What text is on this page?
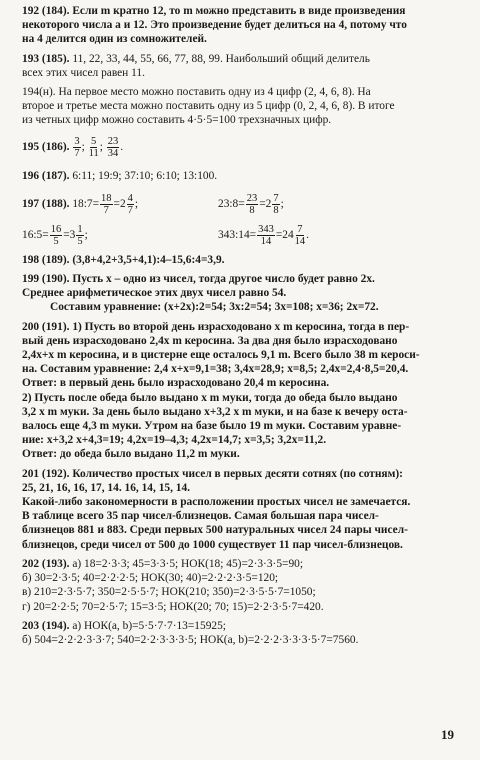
192 (184). Если m кратно 12, то m можно представить в виде произведения
некоторого числа a и 12. Это произведение будет делиться на 4, потому что
на 4 делится один из сомножителей.
193 (185). 11, 22, 33, 44, 55, 66, 77, 88, 99. Наибольший общий делитель
всех этих чисел равен 11.
194(н). На первое место можно поставить одну из 4 цифр (2, 4, 6, 8). На
второе и третье места можно поставить одну из 5 цифр (0, 2, 4, 6, 8). В итоге
из четных цифр можно составить 4·5·5=100 трехзначных цифр.
195 (186). $\frac{3}{7}$ ; $\frac{5}{11}$ ; $\frac{23}{34}$ .
196 (187). 6:11; 19:9; 37:10; 6:10; 13:100.
197 (188). 18:7= $\frac{18}{7} =2 \frac{4}{7}$ ;	23:8= $\frac{23}{8} =2 \frac{7}{8}$ ;
16:5= $\frac{16}{5} =3 \frac{1}{5}$ ;	343:14= $\frac{343}{14} =24 \frac{7}{14}$ .
198 (189). (3,8+4,2+3,5+4,1):4–15,6:4=3,9.
199 (190). Пусть x – одно из чисел, тогда другое число будет равно 2x.
Среднее арифметическое этих двух чисел равно 54.
Составим уравнение: (x+2x):2=54; 3x:2=54; 3x=108; x=36; 2x=72.
200 (191). 1) Пусть во второй день израсходовано x m керосина, тогда в пер-
вый день израсходовано 2,4x m керосина. За два дня было израсходовано
2,4x+x m керосина, и в цистерне еще осталось 9,1 m. Всего было 38 m кероси-
на. Составим уравнение: 2,4 x+x=9,1=38; 3,4x=28,9; x=8,5; 2,4x=2,4·8,5=20,4.
Ответ: в первый день было израсходовано 20,4 m керосина.
2) Пусть после обеда было выдано x m муки, тогда до обеда было выдано
3,2 x m муки. За день было выдано x+3,2 x m муки, и на базе к вечеру оста-
валось еще 4,3 m муки. Утром на базе было 19 m муки. Составим уравне-
ние: x+3,2 x+4,3=19; 4,2x=19–4,3; 4,2x=14,7; x=3,5; 3,2x=11,2.
Ответ: до обеда было выдано 11,2 m муки.
201 (192). Количество простых чисел в первых десяти сотнях (по сотням):
25, 21, 16, 16, 17, 14. 16, 14, 15, 14.
Какой-либо закономерности в расположении простых чисел не замечается.
В таблице всего 35 пар чисел-близнецов. Самая большая пара чисел-
близнецов 881 и 883. Среди первых 500 натуральных чисел 24 пары чисел-
близнецов, среди чисел от 500 до 1000 существует 11 пар чисел-близнецов.
202 (193). а) 18=2·3·3; 45=3·3·5; НОК(18; 45)=2·3·3·5=90;
б) 30=2·3·5; 40=2·2·2·5; НОК(30; 40)=2·2·2·3·5=120;
в) 210=2·3·5·7; 350=2·5·5·7; НОК(210; 350)=2·3·5·5·7=1050;
г) 20=2·2·5; 70=2·5·7; 15=3·5; НОК(20; 70; 15)=2·2·3·5·7=420.
203 (194). а) НОК(a, b)=5·5·7·7·13=15925;
б) 504=2·2·2·3·3·7; 540=2·2·3·3·3·5; НОК(a, b)=2·2·2·3·3·3·5·7=7560.
19
